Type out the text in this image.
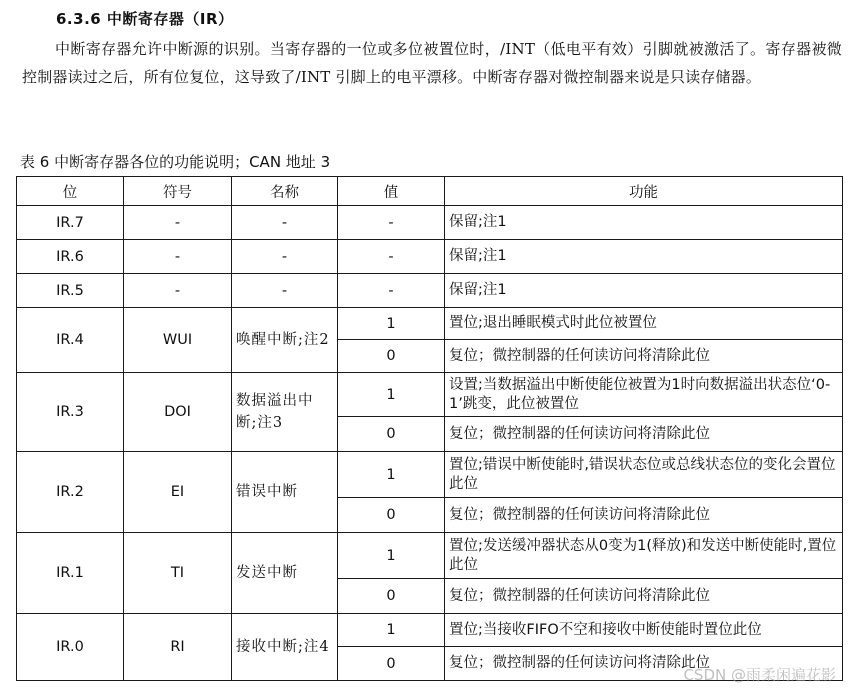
6.3.6 中断寄存器（IR）

中断寄存器允许中断源的识别。当寄存器的一位或多位被置位时，/INT（低电平有效）引脚就被激活了。寄存器被微控制器读过之后，所有位复位，这导致了/INT 引脚上的电平漂移。中断寄存器对微控制器来说是只读存储器。

表 6 中断寄存器各位的功能说明；CAN 地址 3
位	符号	名称	值	功能
IR.7	-	-	-	保留;注1
IR.6	-	-	-	保留;注1
IR.5	-	-	-	保留;注1
IR.4	WUI	唤醒中断;注2	1	置位;退出睡眠模式时此位被置位
			0	复位；微控制器的任何读访问将清除此位
IR.3	DOI	数据溢出中断;注3	1	设置;当数据溢出中断使能位被置为1时向数据溢出状态位‘0-1’跳变，此位被置位
			0	复位；微控制器的任何读访问将清除此位
IR.2	EI	错误中断	1	置位;错误中断使能时,错误状态位或总线状态位的变化会置位此位
			0	复位；微控制器的任何读访问将清除此位
IR.1	TI	发送中断	1	置位;发送缓冲器状态从0变为1(释放)和发送中断使能时,置位此位
			0	复位；微控制器的任何读访问将清除此位
IR.0	RI	接收中断;注4	1	置位;当接收FIFO不空和接收中断使能时置位此位
			0	复位；微控制器的任何读访问将清除此位
CSDN @雨柔闲遍花影
